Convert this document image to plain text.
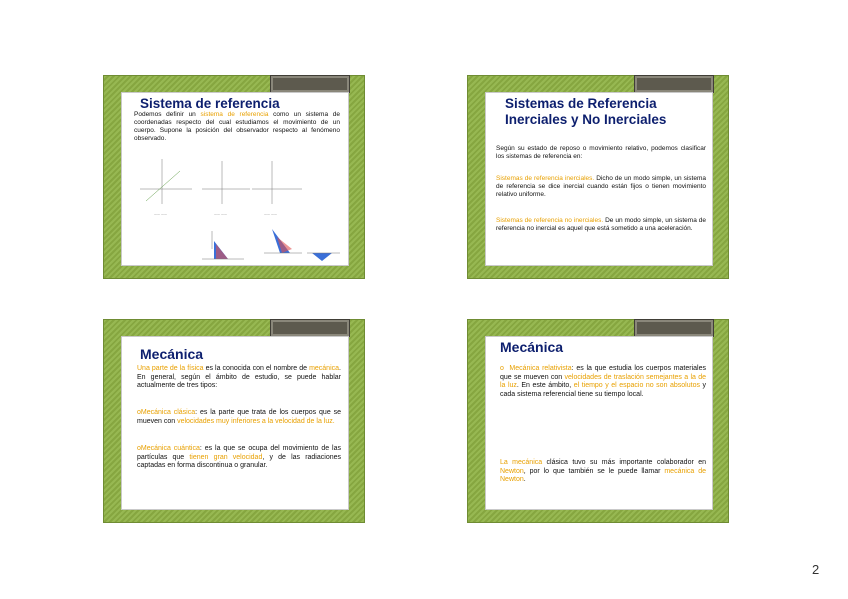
Sistema de referencia
Podemos definir un sistema de referencia como un sistema de coordenadas respecto del cual estudiamos el movimiento de un cuerpo. Supone la posición del observador respecto al fenómeno observado.
—— ——	—— ——	—— ——
Sistemas de Referencia Inerciales y No Inerciales
Según su estado de reposo o movimiento relativo, podemos clasificar los sistemas de referencia en:
Sistemas de referencia inerciales. Dicho de un modo simple, un sistema de referencia se dice inercial cuando están fijos o tienen movimiento relativo uniforme.
Sistemas de referencia no inerciales. De un modo simple, un sistema de referencia no inercial es aquel que está sometido a una aceleración.
Mecánica
Una parte de la física es la conocida con el nombre de mecánica. En general, según el ámbito de estudio, se puede hablar actualmente de tres tipos:
oMecánica clásica: es la parte que trata de los cuerpos que se mueven con velocidades muy inferiores a la velocidad de la luz.
oMecánica cuántica: es la que se ocupa del movimiento de las partículas que tienen gran velocidad, y de las radiaciones captadas en forma discontinua o granular.
Mecánica
o  Mecánica relativista: es la que estudia los cuerpos materiales que se mueven con velocidades de traslación semejantes a la de la luz. En este ámbito, el tiempo y el espacio no son absolutos y cada sistema referencial tiene su tiempo local.
La mecánica clásica tuvo su más importante colaborador en Newton, por lo que también se le puede llamar mecánica de Newton.
2
